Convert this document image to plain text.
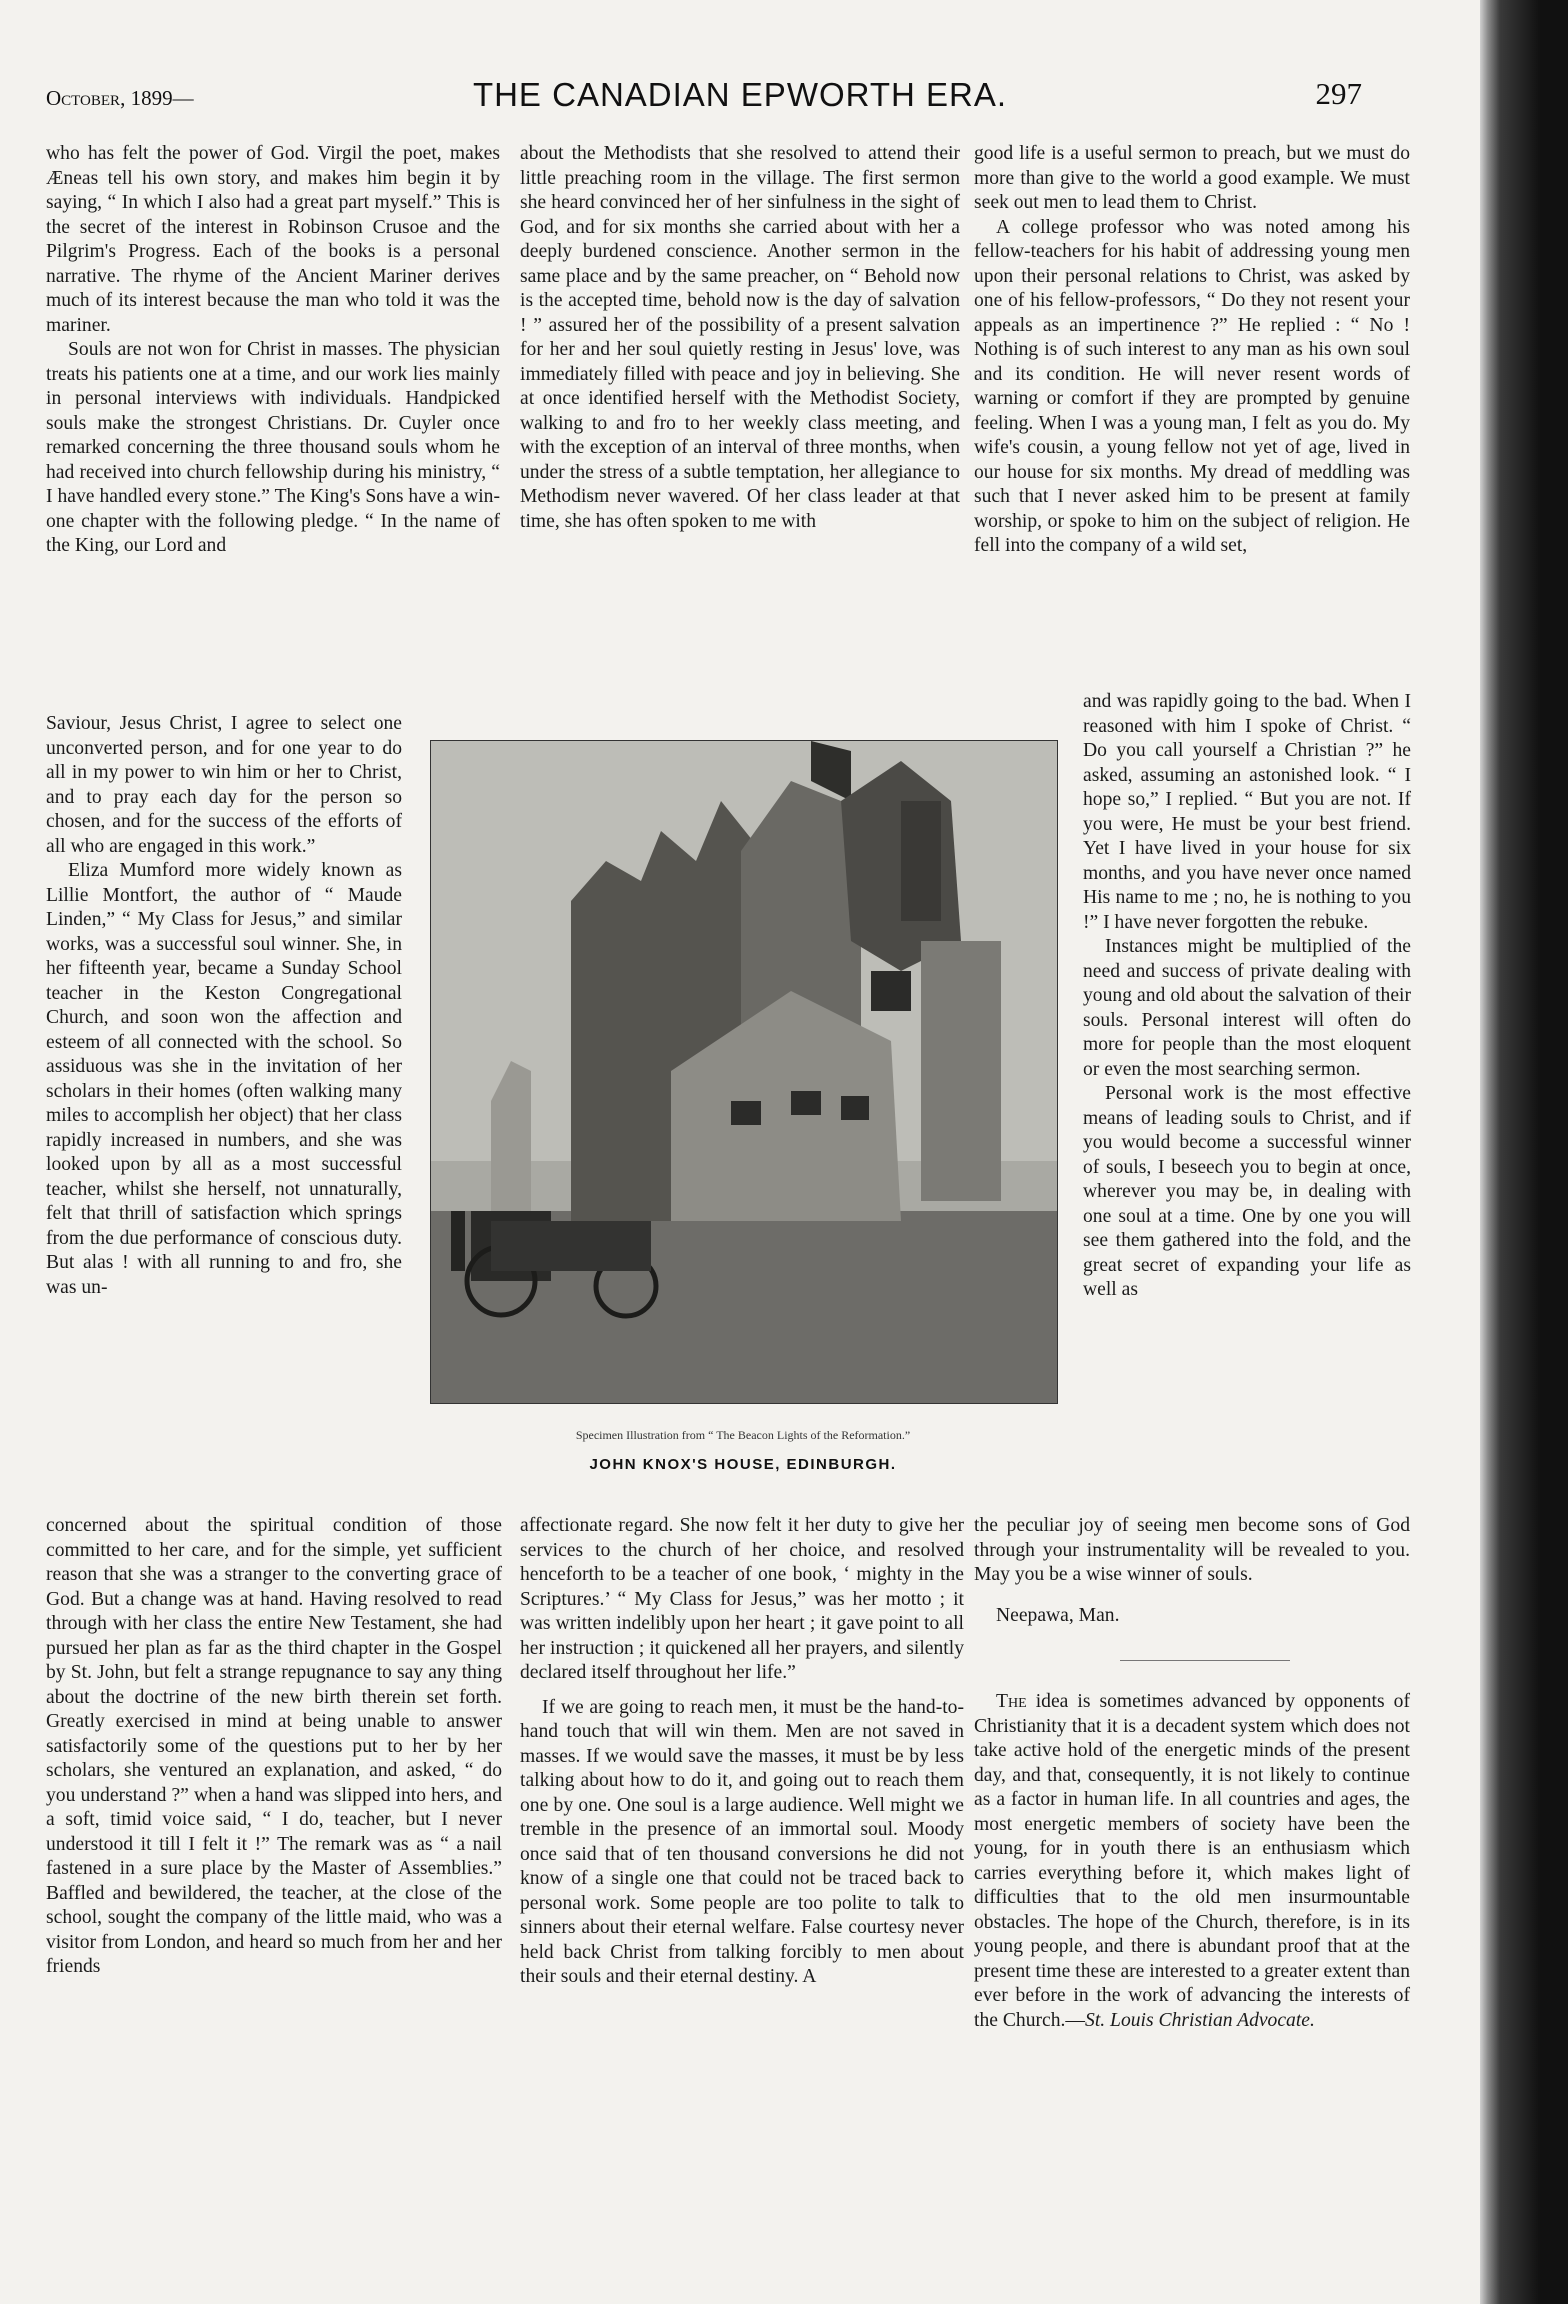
October, 1899—	THE CANADIAN EPWORTH ERA.	297

who has felt the power of God. Virgil the poet, makes Æneas tell his own story, and makes him begin it by saying, “ In which I also had a great part myself.” This is the secret of the interest in Robinson Crusoe and the Pilgrim's Progress. Each of the books is a personal narrative. The rhyme of the Ancient Mariner derives much of its interest because the man who told it was the mariner.

Souls are not won for Christ in masses. The physician treats his patients one at a time, and our work lies mainly in personal interviews with individuals. Handpicked souls make the strongest Christians. Dr. Cuyler once remarked concerning the three thousand souls whom he had received into church fellowship during his ministry, “ I have handled every stone.” The King's Sons have a win-one chapter with the following pledge. “ In the name of the King, our Lord and

Saviour, Jesus Christ, I agree to select one unconverted person, and for one year to do all in my power to win him or her to Christ, and to pray each day for the person so chosen, and for the success of the efforts of all who are engaged in this work.”

Eliza Mumford more widely known as Lillie Montfort, the author of “ Maude Linden,” “ My Class for Jesus,” and similar works, was a successful soul winner. She, in her fifteenth year, became a Sunday School teacher in the Keston Congregational Church, and soon won the affection and esteem of all connected with the school. So assiduous was she in the invitation of her scholars in their homes (often walking many miles to accomplish her object) that her class rapidly increased in numbers, and she was looked upon by all as a most successful teacher, whilst she herself, not unnaturally, felt that thrill of satisfaction which springs from the due performance of conscious duty. But alas ! with all running to and fro, she was un-

concerned about the spiritual condition of those committed to her care, and for the simple, yet sufficient reason that she was a stranger to the converting grace of God. But a change was at hand. Having resolved to read through with her class the entire New Testament, she had pursued her plan as far as the third chapter in the Gospel by St. John, but felt a strange repugnance to say any thing about the doctrine of the new birth therein set forth. Greatly exercised in mind at being unable to answer satisfactorily some of the questions put to her by her scholars, she ventured an explanation, and asked, “ do you understand ?” when a hand was slipped into hers, and a soft, timid voice said, “ I do, teacher, but I never understood it till I felt it !” The remark was as “ a nail fastened in a sure place by the Master of Assemblies.” Baffled and bewildered, the teacher, at the close of the school, sought the company of the little maid, who was a visitor from London, and heard so much from her and her friends

about the Methodists that she resolved to attend their little preaching room in the village. The first sermon she heard convinced her of her sinfulness in the sight of God, and for six months she carried about with her a deeply burdened conscience. Another sermon in the same place and by the same preacher, on “ Behold now is the accepted time, behold now is the day of salvation ! ” assured her of the possibility of a present salvation for her and her soul quietly resting in Jesus' love, was immediately filled with peace and joy in believing. She at once identified herself with the Methodist Society, walking to and fro to her weekly class meeting, and with the exception of an interval of three months, when under the stress of a subtle temptation, her allegiance to Methodism never wavered. Of her class leader at that time, she has often spoken to me with

affectionate regard. She now felt it her duty to give her services to the church of her choice, and resolved henceforth to be a teacher of one book, ‘ mighty in the Scriptures.’ “ My Class for Jesus,” was her motto ; it was written indelibly upon her heart ; it gave point to all her instruction ; it quickened all her prayers, and silently declared itself throughout her life.”

If we are going to reach men, it must be the hand-to-hand touch that will win them. Men are not saved in masses. If we would save the masses, it must be by less talking about how to do it, and going out to reach them one by one. One soul is a large audience. Well might we tremble in the presence of an immortal soul. Moody once said that of ten thousand conversions he did not know of a single one that could not be traced back to personal work. Some people are too polite to talk to sinners about their eternal welfare. False courtesy never held back Christ from talking forcibly to men about their souls and their eternal destiny. A

good life is a useful sermon to preach, but we must do more than give to the world a good example. We must seek out men to lead them to Christ.

A college professor who was noted among his fellow-teachers for his habit of addressing young men upon their personal relations to Christ, was asked by one of his fellow-professors, “ Do they not resent your appeals as an impertinence ?” He replied : “ No ! Nothing is of such interest to any man as his own soul and its condition. He will never resent words of warning or comfort if they are prompted by genuine feeling. When I was a young man, I felt as you do. My wife's cousin, a young fellow not yet of age, lived in our house for six months. My dread of meddling was such that I never asked him to be present at family worship, or spoke to him on the subject of religion. He fell into the company of a wild set,

and was rapidly going to the bad. When I reasoned with him I spoke of Christ. “ Do you call yourself a Christian ?” he asked, assuming an astonished look. “ I hope so,” I replied. “ But you are not. If you were, He must be your best friend. Yet I have lived in your house for six months, and you have never once named His name to me ; no, he is nothing to you !” I have never forgotten the rebuke.

Instances might be multiplied of the need and success of private dealing with young and old about the salvation of their souls. Personal interest will often do more for people than the most eloquent or even the most searching sermon.

Personal work is the most effective means of leading souls to Christ, and if you would become a successful winner of souls, I beseech you to begin at once, wherever you may be, in dealing with one soul at a time. One by one you will see them gathered into the fold, and the great secret of expanding your life as well as

the peculiar joy of seeing men become sons of God through your instrumentality will be revealed to you. May you be a wise winner of souls.

Neepawa, Man.

The idea is sometimes advanced by opponents of Christianity that it is a decadent system which does not take active hold of the energetic minds of the present day, and that, consequently, it is not likely to continue as a factor in human life. In all countries and ages, the most energetic members of society have been the young, for in youth there is an enthusiasm which carries everything before it, which makes light of difficulties that to the old men insurmountable obstacles. The hope of the Church, therefore, is in its young people, and there is abundant proof that at the present time these are interested to a greater extent than ever before in the work of advancing the interests of the Church.—St. Louis Christian Advocate.

Specimen Illustration from “ The Beacon Lights of the Reformation.”
JOHN KNOX'S HOUSE, EDINBURGH.
